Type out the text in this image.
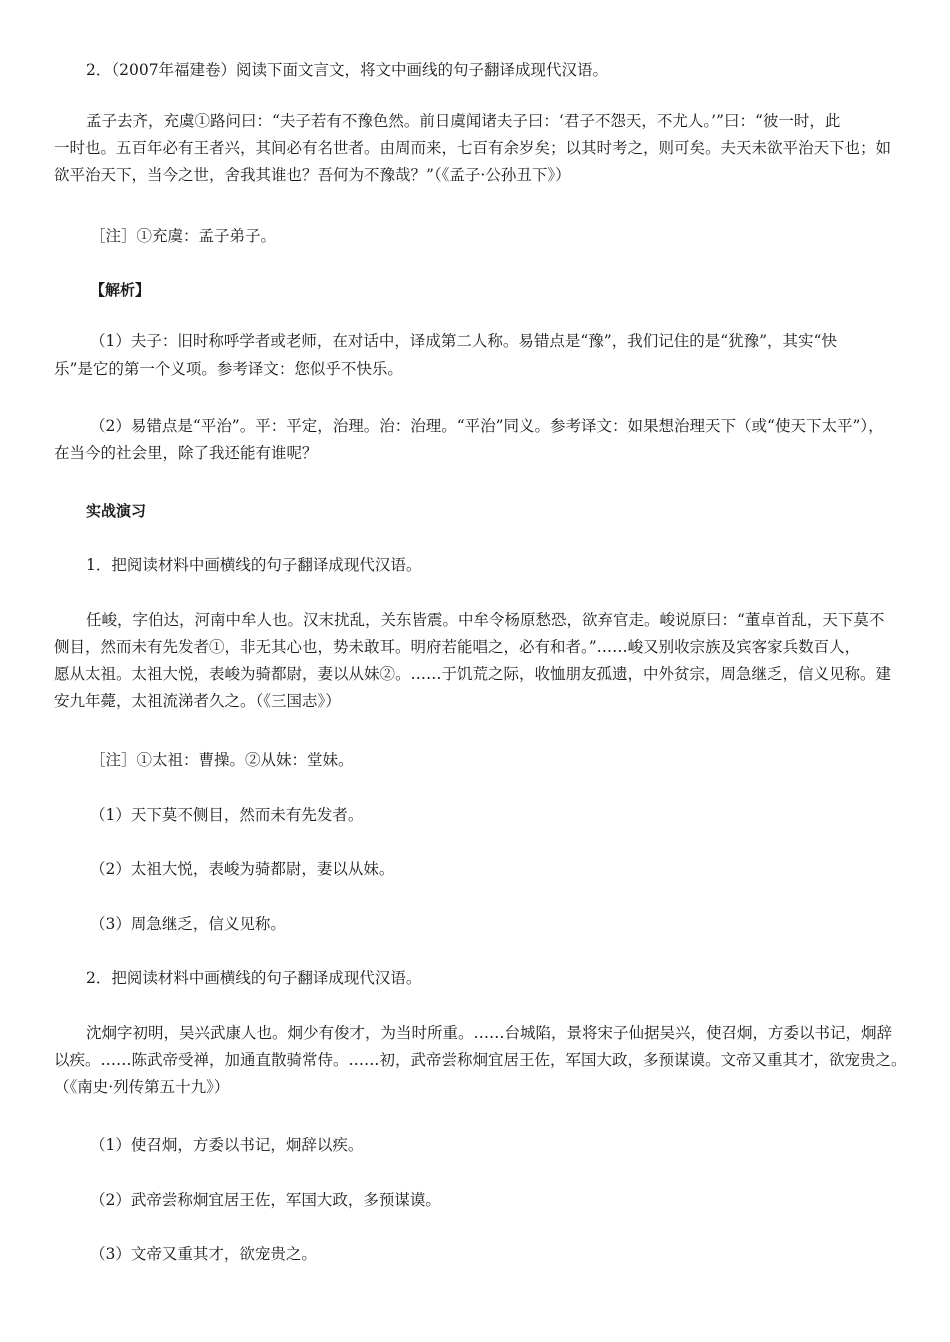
2．（2007年福建卷）阅读下面文言文，将文中画线的句子翻译成现代汉语。

孟子去齐，充虞①路问曰：“夫子若有不豫色然。前日虞闻诸夫子曰：‘君子不怨天，不尤人。’”曰：“彼一时，此
一时也。五百年必有王者兴，其间必有名世者。由周而来，七百有余岁矣；以其时考之，则可矣。夫天未欲平治天下也；如
欲平治天下，当今之世，舍我其谁也？吾何为不豫哉？”（《孟子·公孙丑下》）

［注］①充虞：孟子弟子。

【解析】

（1）夫子：旧时称呼学者或老师，在对话中，译成第二人称。易错点是“豫”，我们记住的是“犹豫”，其实“快
乐”是它的第一个义项。参考译文：您似乎不快乐。
（2）易错点是“平治”。平：平定，治理。治：治理。“平治”同义。参考译文：如果想治理天下（或“使天下太平”），
在当今的社会里，除了我还能有谁呢？

实战演习

1．把阅读材料中画横线的句子翻译成现代汉语。

任峻，字伯达，河南中牟人也。汉末扰乱，关东皆震。中牟令杨原愁恐，欲弃官走。峻说原曰：“董卓首乱，天下莫不
侧目，然而未有先发者①，非无其心也，势未敢耳。明府若能唱之，必有和者。”……峻又别收宗族及宾客家兵数百人，
愿从太祖。太祖大悦，表峻为骑都尉，妻以从妹②。……于饥荒之际，收恤朋友孤遗，中外贫宗，周急继乏，信义见称。建
安九年薨，太祖流涕者久之。（《三国志》）

［注］①太祖：曹操。②从妹：堂妹。

（1）天下莫不侧目，然而未有先发者。

（2）太祖大悦，表峻为骑都尉，妻以从妹。

（3）周急继乏，信义见称。

2．把阅读材料中画横线的句子翻译成现代汉语。

沈炯字初明，吴兴武康人也。炯少有俊才，为当时所重。……台城陷，景将宋子仙据吴兴，使召炯，方委以书记，炯辞
以疾。……陈武帝受禅，加通直散骑常侍。……初，武帝尝称炯宜居王佐，军国大政，多预谋谟。文帝又重其才，欲宠贵之。
（《南史·列传第五十九》）

（1）使召炯，方委以书记，炯辞以疾。

（2）武帝尝称炯宜居王佐，军国大政，多预谋谟。

（3）文帝又重其才，欲宠贵之。
